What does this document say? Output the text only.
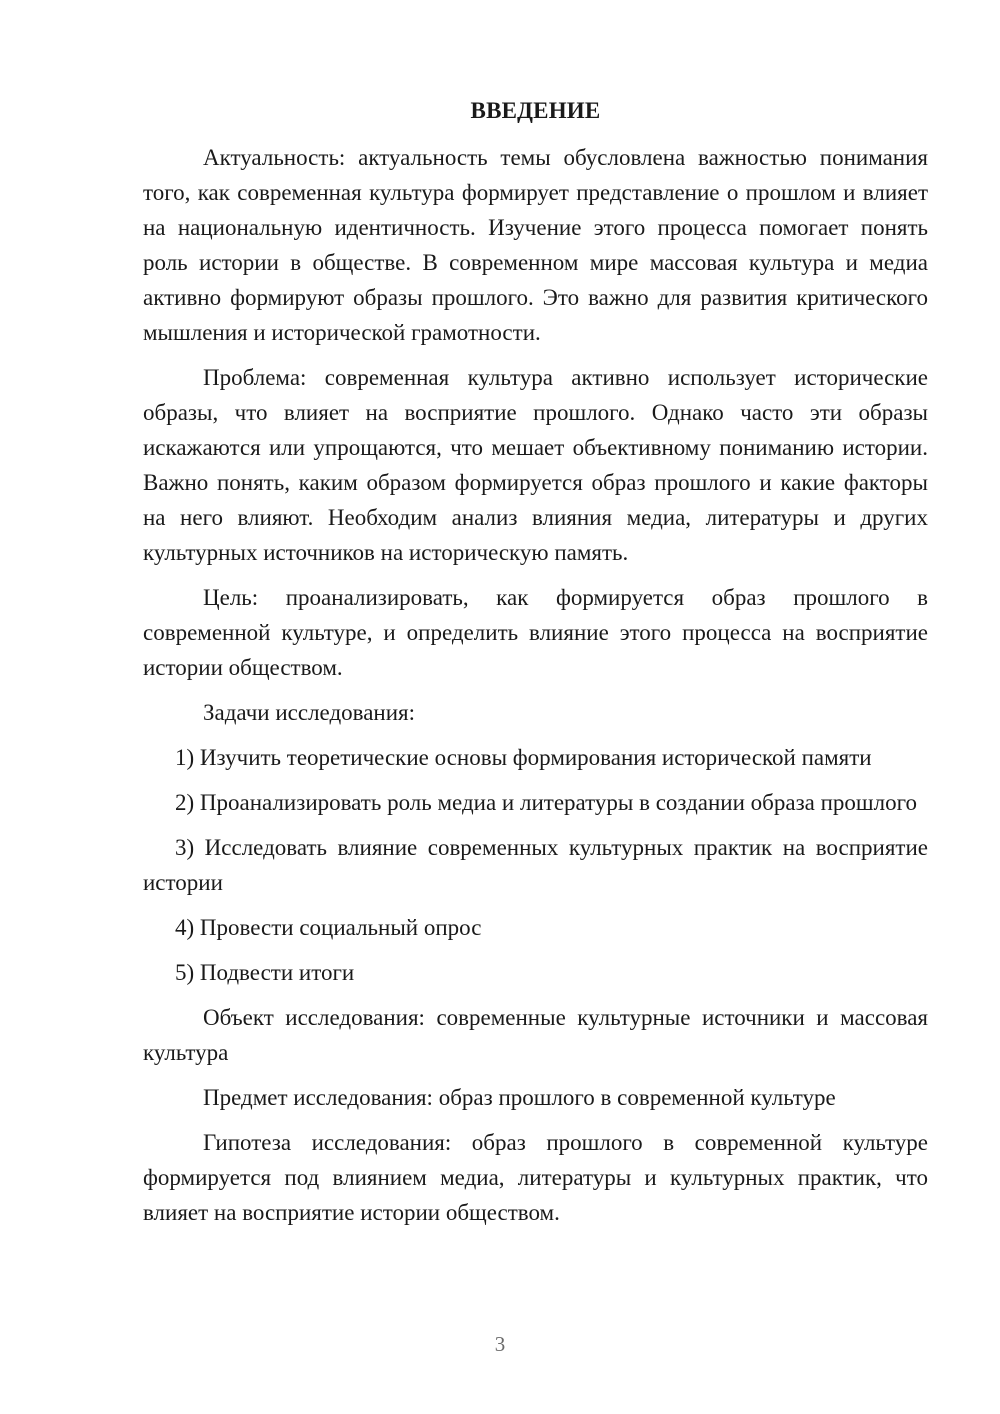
ВВЕДЕНИЕ

Актуальность: актуальность темы обусловлена важностью понимания того, как современная культура формирует представление о прошлом и влияет на национальную идентичность. Изучение этого процесса помогает понять роль истории в обществе. В современном мире массовая культура и медиа активно формируют образы прошлого. Это важно для развития критического мышления и исторической грамотности.

Проблема: современная культура активно использует исторические образы, что влияет на восприятие прошлого. Однако часто эти образы искажаются или упрощаются, что мешает объективному пониманию истории. Важно понять, каким образом формируется образ прошлого и какие факторы на него влияют. Необходим анализ влияния медиа, литературы и других культурных источников на историческую память.

Цель: проанализировать, как формируется образ прошлого в современной культуре, и определить влияние этого процесса на восприятие истории обществом.

Задачи исследования:

1) Изучить теоретические основы формирования исторической памяти

2) Проанализировать роль медиа и литературы в создании образа прошлого

3) Исследовать влияние современных культурных практик на восприятие истории

4) Провести социальный опрос

5) Подвести итоги

Объект исследования: современные культурные источники и массовая культура

Предмет исследования: образ прошлого в современной культуре

Гипотеза исследования: образ прошлого в современной культуре формируется под влиянием медиа, литературы и культурных практик, что влияет на восприятие истории обществом.

3
